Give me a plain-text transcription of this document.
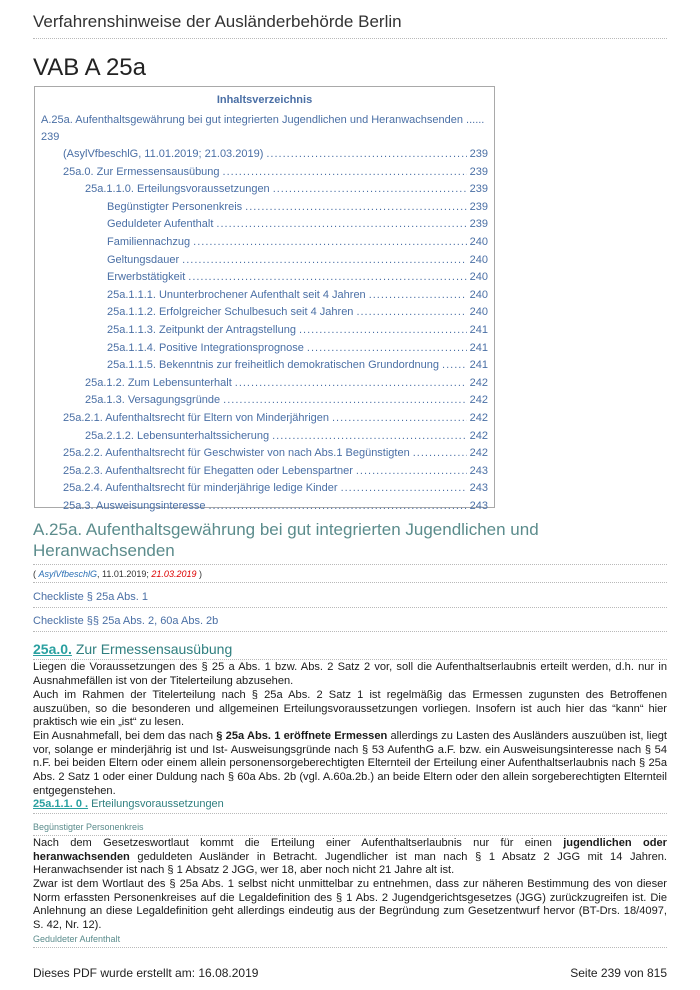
Verfahrenshinweise der Ausländerbehörde Berlin
VAB A 25a
Inhaltsverzeichnis
A.25a. Aufenthaltsgewährung bei gut integrierten Jugendlichen und Heranwachsenden ......
239
(AsylVfbeschlG, 11.01.2019; 21.03.2019) .....	239
25a.0. Zur Ermessensausübung .....	239
25a.1.1.0. Erteilungsvoraussetzungen .....	239
Begünstigter Personenkreis .....	239
Geduldeter Aufenthalt .....	239
Familiennachzug .....	240
Geltungsdauer .....	240
Erwerbstätigkeit .....	240
25a.1.1.1. Ununterbrochener Aufenthalt seit 4 Jahren .....	240
25a.1.1.2. Erfolgreicher Schulbesuch seit 4 Jahren .....	240
25a.1.1.3. Zeitpunkt der Antragstellung .....	241
25a.1.1.4. Positive Integrationsprognose .....	241
25a.1.1.5. Bekenntnis zur freiheitlich demokratischen Grundordnung .....	241
25a.1.2. Zum Lebensunterhalt .....	242
25a.1.3. Versagungsgründe .....	242
25a.2.1. Aufenthaltsrecht für Eltern von Minderjährigen .....	242
25a.2.1.2. Lebensunterhaltssicherung .....	242
25a.2.2. Aufenthaltsrecht für Geschwister von nach Abs.1 Begünstigten .....	242
25a.2.3. Aufenthaltsrecht für Ehegatten oder Lebenspartner .....	243
25a.2.4. Aufenthaltsrecht für minderjährige ledige Kinder .....	243
25a.3. Ausweisungsinteresse .....	243
A.25a. Aufenthaltsgewährung bei gut integrierten Jugendlichen und Heranwachsenden
( AsylVfbeschlG, 11.01.2019; 21.03.2019 )
Checkliste § 25a Abs. 1
Checkliste §§ 25a Abs. 2, 60a Abs. 2b
25a.0. Zur Ermessensausübung
Liegen die Voraussetzungen des § 25 a Abs. 1 bzw. Abs. 2 Satz 2 vor, soll die Aufenthaltserlaubnis erteilt werden, d.h. nur in Ausnahmefällen ist von der Titelerteilung abzusehen.
Auch im Rahmen der Titelerteilung nach § 25a Abs. 2 Satz 1 ist regelmäßig das Ermessen zugunsten des Betroffenen auszuüben, so die besonderen und allgemeinen Erteilungsvoraussetzungen vorliegen. Insofern ist auch hier das “kann“ hier praktisch wie ein „ist“ zu lesen.
Ein Ausnahmefall, bei dem das nach § 25a Abs. 1 eröffnete Ermessen allerdings zu Lasten des Ausländers auszuüben ist, liegt vor, solange er minderjährig ist und Ist- Ausweisungsgründe nach § 53 AufenthG a.F. bzw. ein Ausweisungsinteresse nach § 54 n.F. bei beiden Eltern oder einem allein personensorgeberechtigten Elternteil der Erteilung einer Aufenthaltserlaubnis nach § 25a Abs. 2 Satz 1 oder einer Duldung nach § 60a Abs. 2b (vgl. A.60a.2b.) an beide Eltern oder den allein sorgeberechtigten Elternteil entgegenstehen.
25a.1.1. 0 . Erteilungsvoraussetzungen
Begünstigter Personenkreis
Nach dem Gesetzeswortlaut kommt die Erteilung einer Aufenthaltserlaubnis nur für einen jugendlichen oder heranwachsenden geduldeten Ausländer in Betracht. Jugendlicher ist man nach § 1 Absatz 2 JGG mit 14 Jahren. Heranwachsender ist nach § 1 Absatz 2 JGG, wer 18, aber noch nicht 21 Jahre alt ist.
Zwar ist dem Wortlaut des § 25a Abs. 1 selbst nicht unmittelbar zu entnehmen, dass zur näheren Bestimmung des von dieser Norm erfassten Personenkreises auf die Legaldefinition des § 1 Abs. 2 Jugendgerichtsgesetzes (JGG) zurückzugreifen ist. Die Anlehnung an diese Legaldefinition geht allerdings eindeutig aus der Begründung zum Gesetzentwurf hervor (BT-Drs. 18/4097, S. 42, Nr. 12).
Geduldeter Aufenthalt
Dieses PDF wurde erstellt am: 16.08.2019	Seite 239 von 815
